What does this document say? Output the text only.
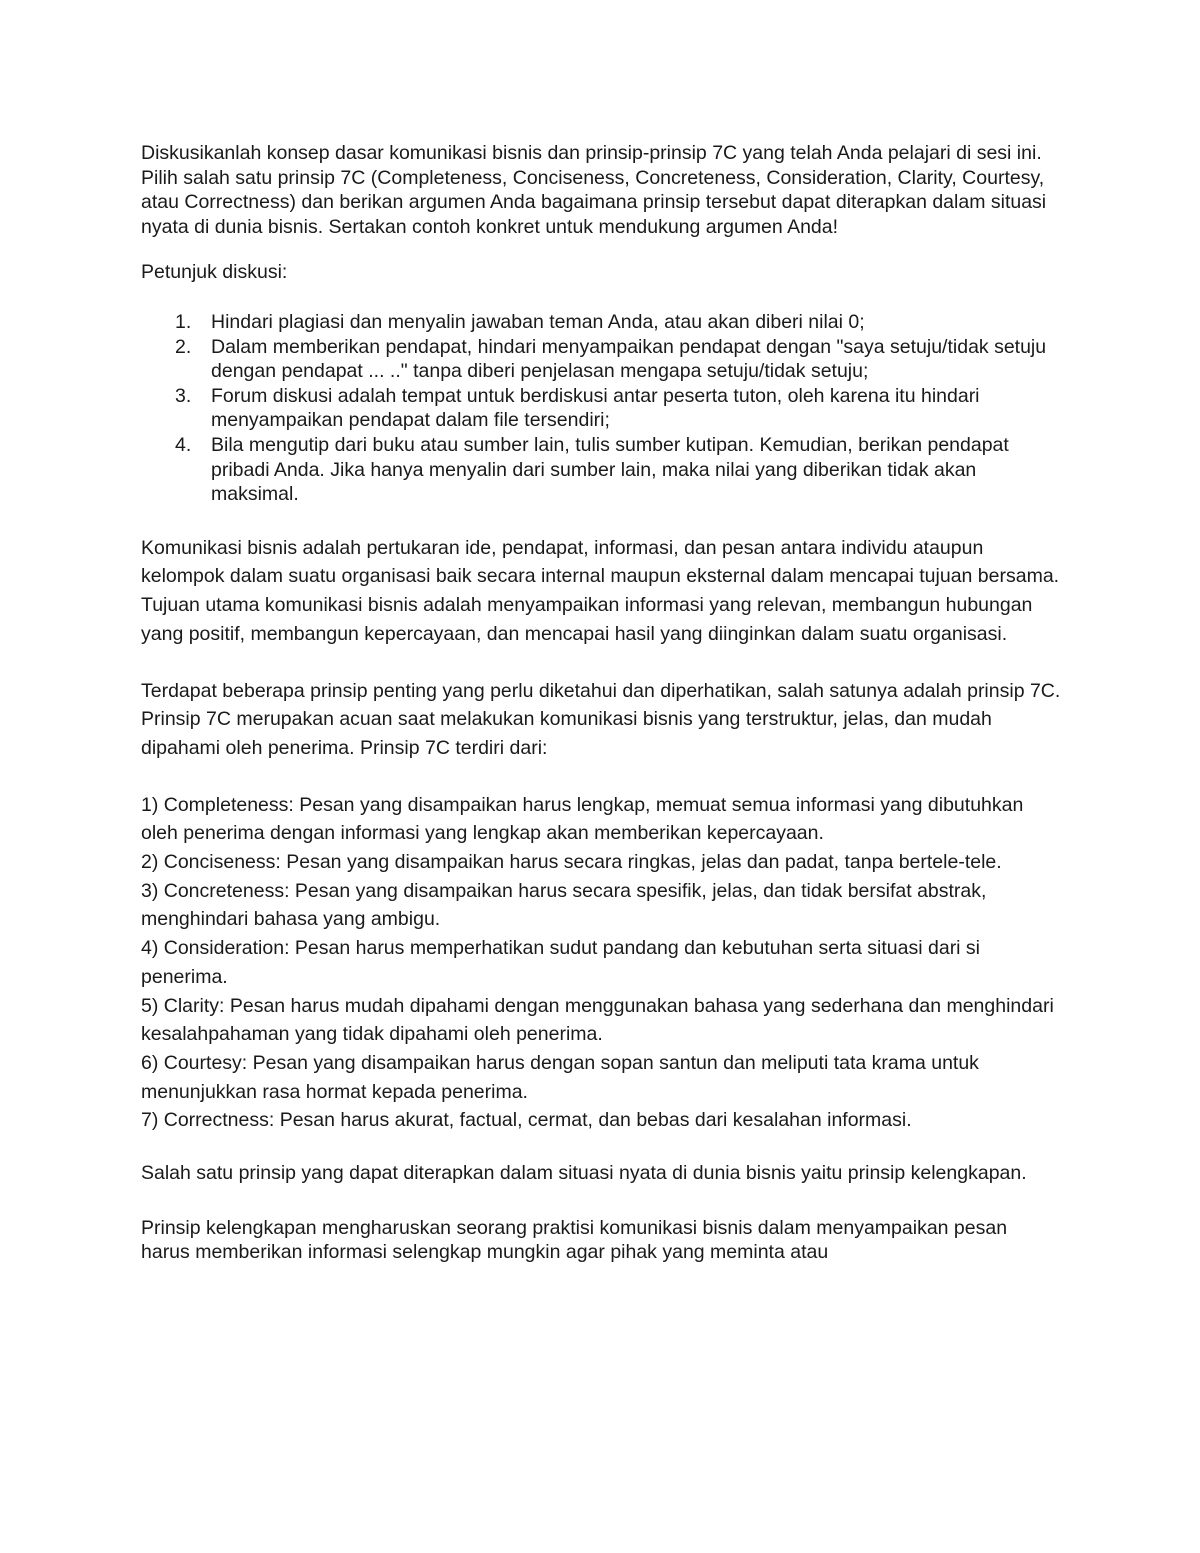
Diskusikanlah konsep dasar komunikasi bisnis dan prinsip-prinsip 7C yang telah Anda pelajari di sesi ini. Pilih salah satu prinsip 7C (Completeness, Conciseness, Concreteness, Consideration, Clarity, Courtesy, atau Correctness) dan berikan argumen Anda bagaimana prinsip tersebut dapat diterapkan dalam situasi nyata di dunia bisnis. Sertakan contoh konkret untuk mendukung argumen Anda!

Petunjuk diskusi:

1. Hindari plagiasi dan menyalin jawaban teman Anda, atau akan diberi nilai 0;
2. Dalam memberikan pendapat, hindari menyampaikan pendapat dengan "saya setuju/tidak setuju dengan pendapat ... .." tanpa diberi penjelasan mengapa setuju/tidak setuju;
3. Forum diskusi adalah tempat untuk berdiskusi antar peserta tuton, oleh karena itu hindari menyampaikan pendapat dalam file tersendiri;
4. Bila mengutip dari buku atau sumber lain, tulis sumber kutipan. Kemudian, berikan pendapat pribadi Anda. Jika hanya menyalin dari sumber lain, maka nilai yang diberikan tidak akan maksimal.

Komunikasi bisnis adalah pertukaran ide, pendapat, informasi, dan pesan antara individu ataupun kelompok dalam suatu organisasi baik secara internal maupun eksternal dalam mencapai tujuan bersama. Tujuan utama komunikasi bisnis adalah menyampaikan informasi yang relevan, membangun hubungan yang positif, membangun kepercayaan, dan mencapai hasil yang diinginkan dalam suatu organisasi.

Terdapat beberapa prinsip penting yang perlu diketahui dan diperhatikan, salah satunya adalah prinsip 7C. Prinsip 7C merupakan acuan saat melakukan komunikasi bisnis yang terstruktur, jelas, dan mudah dipahami oleh penerima. Prinsip 7C terdiri dari:

1) Completeness: Pesan yang disampaikan harus lengkap, memuat semua informasi yang dibutuhkan oleh penerima dengan informasi yang lengkap akan memberikan kepercayaan.
2) Conciseness: Pesan yang disampaikan harus secara ringkas, jelas dan padat, tanpa bertele-tele.
3) Concreteness: Pesan yang disampaikan harus secara spesifik, jelas, dan tidak bersifat abstrak, menghindari bahasa yang ambigu.
4) Consideration: Pesan harus memperhatikan sudut pandang dan kebutuhan serta situasi dari si penerima.
5) Clarity: Pesan harus mudah dipahami dengan menggunakan bahasa yang sederhana dan menghindari kesalahpahaman yang tidak dipahami oleh penerima.
6) Courtesy: Pesan yang disampaikan harus dengan sopan santun dan meliputi tata krama untuk menunjukkan rasa hormat kepada penerima.
7) Correctness: Pesan harus akurat, factual, cermat, dan bebas dari kesalahan informasi.

Salah satu prinsip yang dapat diterapkan dalam situasi nyata di dunia bisnis yaitu prinsip kelengkapan.

Prinsip kelengkapan mengharuskan seorang praktisi komunikasi bisnis dalam menyampaikan pesan harus memberikan informasi selengkap mungkin agar pihak yang meminta atau
